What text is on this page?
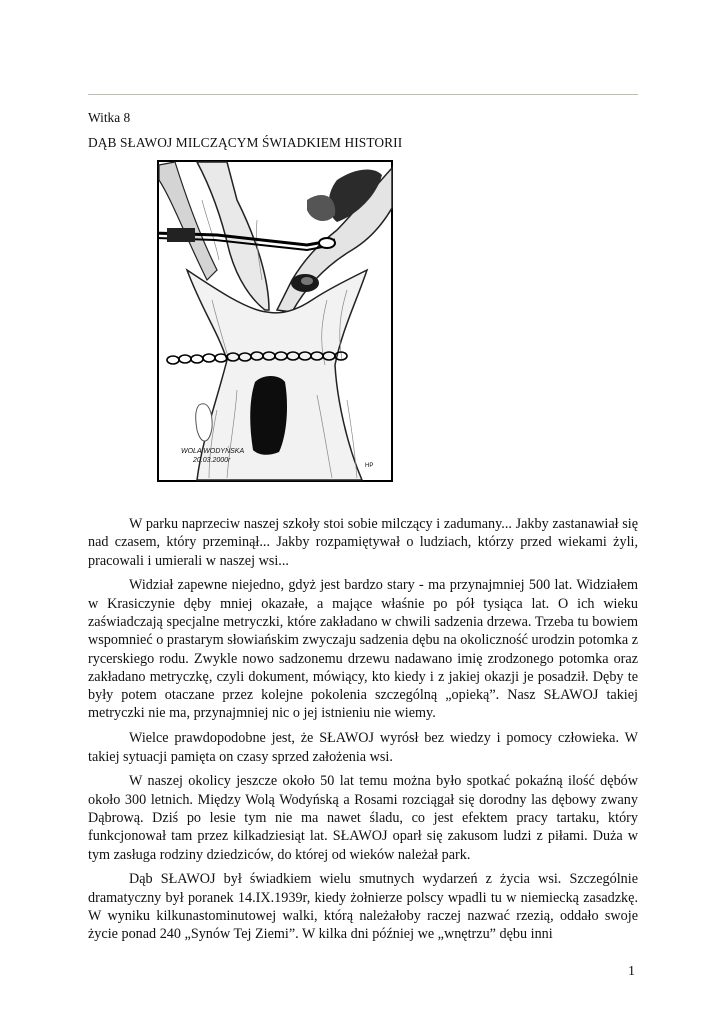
Witka 8
DĄB SŁAWOJ MILCZĄCYM ŚWIADKIEM HISTORII
WOLA WODYŃSKA
20.03.2000r
HP

W parku naprzeciw naszej szkoły stoi sobie milczący i zadumany... Jakby zastanawiał się nad czasem, który przeminął... Jakby rozpamiętywał o ludziach, którzy przed wiekami żyli, pracowali i umierali w naszej wsi...

Widział zapewne niejedno, gdyż jest bardzo stary - ma przynajmniej 500 lat. Widziałem w Krasiczynie dęby mniej okazałe, a mające właśnie po pół tysiąca lat. O ich wieku zaświadczają specjalne metryczki, które zakładano w chwili sadzenia drzewa. Trzeba tu bowiem wspomnieć o prastarym słowiańskim zwyczaju sadzenia dębu na okoliczność urodzin potomka z rycerskiego rodu. Zwykle nowo sadzonemu drzewu nadawano imię zrodzonego potomka oraz zakładano metryczkę, czyli dokument, mówiący, kto kiedy i z jakiej okazji je posadził. Dęby te były potem otaczane przez kolejne pokolenia szczególną „opieką”. Nasz SŁAWOJ takiej metryczki nie ma, przynajmniej nic o jej istnieniu nie wiemy.

Wielce prawdopodobne jest, że SŁAWOJ wyrósł bez wiedzy i pomocy człowieka. W takiej sytuacji pamięta on czasy sprzed założenia wsi.

W naszej okolicy jeszcze około 50 lat temu można było spotkać pokaźną ilość dębów około 300 letnich. Między Wolą Wodyńską a Rosami rozciągał się dorodny las dębowy zwany Dąbrową. Dziś po lesie tym nie ma nawet śladu, co jest efektem pracy tartaku, który funkcjonował tam przez kilkadziesiąt lat. SŁAWOJ oparł się zakusom ludzi z piłami. Duża w tym zasługa rodziny dziedziców, do której od wieków należał park.

Dąb SŁAWOJ był świadkiem wielu smutnych wydarzeń z życia wsi. Szczególnie dramatyczny był poranek 14.IX.1939r, kiedy żołnierze polscy wpadli tu w niemiecką zasadzkę. W wyniku kilkunastominutowej walki, którą należałoby raczej nazwać rzezią, oddało swoje życie ponad 240 „Synów Tej Ziemi”. W kilka dni później we „wnętrzu” dębu inni

1
